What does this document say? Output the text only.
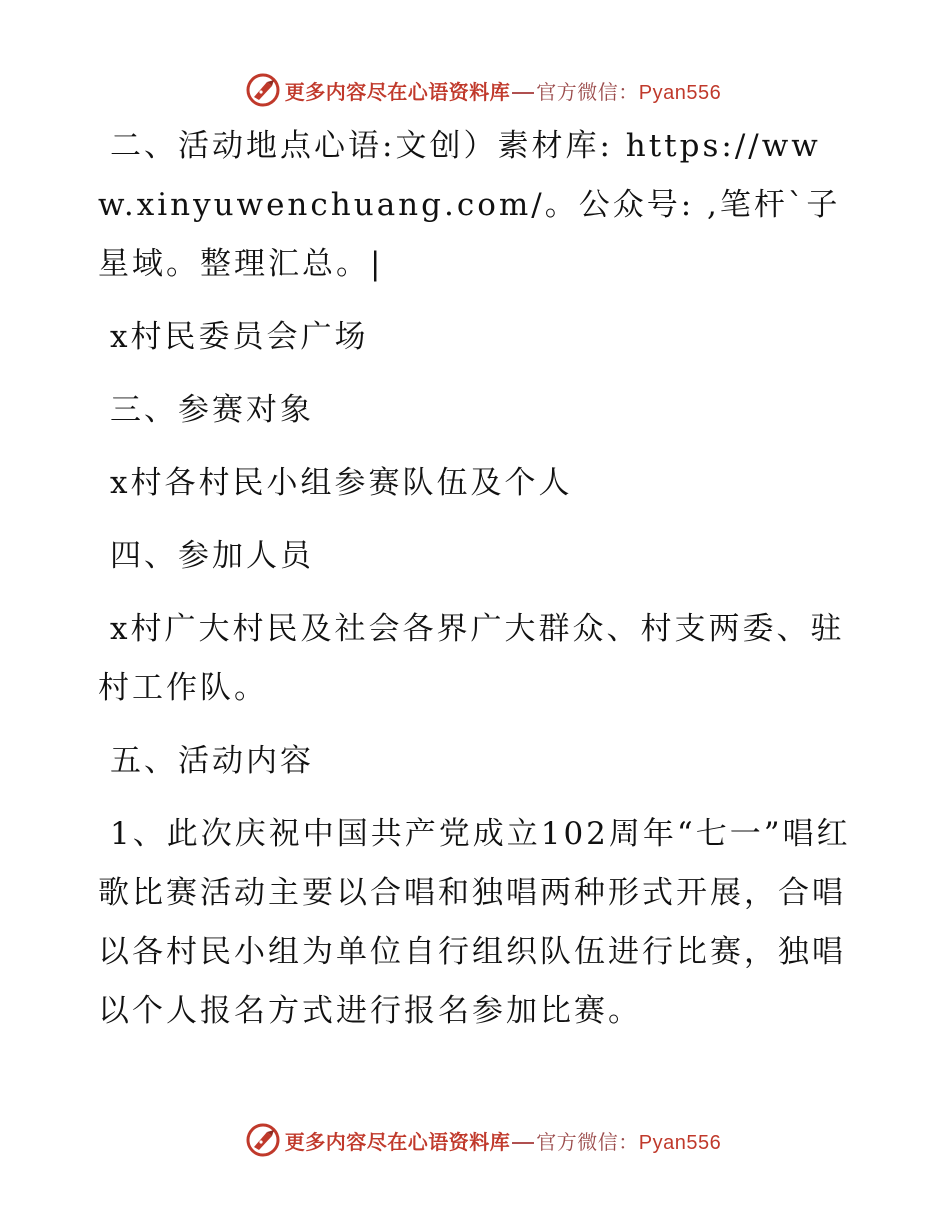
更多内容尽在心语资料库 官方微信：Pyan556

二、活动地点心语:文创）素材库: https://www.xinyuwenchuang.com/。公众号: ,笔杆`子星域。整理汇总。|

x村民委员会广场

三、参赛对象

x村各村民小组参赛队伍及个人

四、参加人员

x村广大村民及社会各界广大群众、村支两委、驻村工作队。

五、活动内容

1、此次庆祝中国共产党成立102周年“七一”唱红歌比赛活动主要以合唱和独唱两种形式开展，合唱以各村民小组为单位自行组织队伍进行比赛，独唱以个人报名方式进行报名参加比赛。

更多内容尽在心语资料库 官方微信：Pyan556
